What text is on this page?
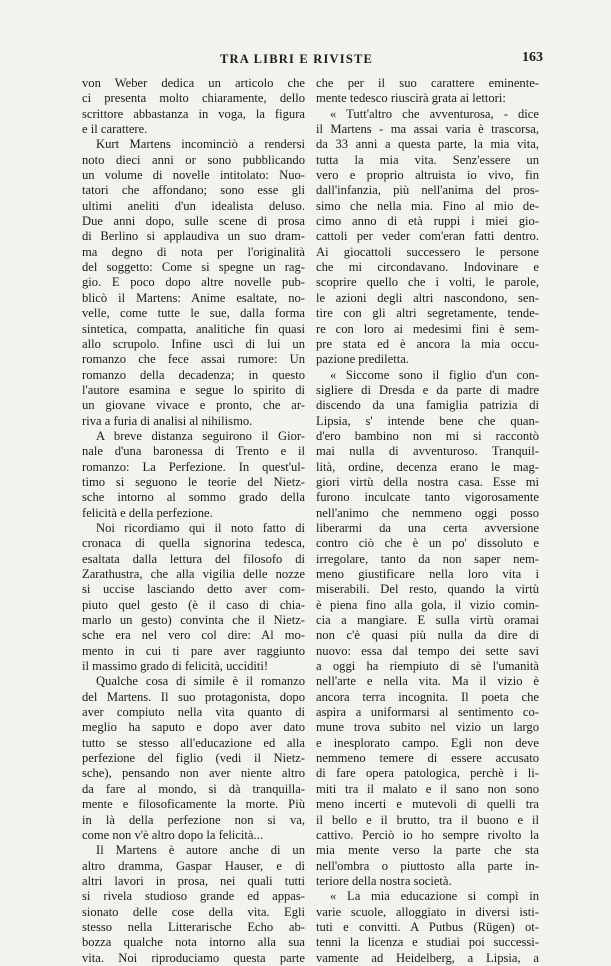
TRA LIBRI E RIVISTE	163
von Weber dedica un articolo che
ci presenta molto chiaramente, dello
scrittore abbastanza in voga, la figura
e il carattere.
Kurt Martens incominciò a rendersi
noto dieci anni or sono pubblicando
un volume di novelle intitolato: Nuo-
tatori che affondano; sono esse gli
ultimi aneliti d'un idealista deluso.
Due anni dopo, sulle scene di prosa
di Berlino si applaudiva un suo dram-
ma degno di nota per l'originalità
del soggetto: Come si spegne un rag-
gio. E poco dopo altre novelle pub-
blicò il Martens: Anime esaltate, no-
velle, come tutte le sue, dalla forma
sintetica, compatta, analitiche fin quasi
allo scrupolo. Infine uscì di lui un
romanzo che fece assai rumore: Un
romanzo della decadenza; in questo
l'autore esamina e segue lo spirito di
un giovane vivace e pronto, che ar-
riva a furia di analisi al nihilismo.
A breve distanza seguirono il Gior-
nale d'una baronessa di Trento e il
romanzo: La Perfezione. In quest'ul-
timo si seguono le teorie del Nietz-
sche intorno al sommo grado della
felicità e della perfezione.
Noi ricordiamo qui il noto fatto di
cronaca di quella signorina tedesca,
esaltata dalla lettura del filosofo di
Zarathustra, che alla vigilia delle nozze
si uccise lasciando detto aver com-
piuto quel gesto (è il caso di chia-
marlo un gesto) convinta che il Nietz-
sche era nel vero col dire: Al mo-
mento in cui ti pare aver raggiunto
il massimo grado di felicità, ucciditi!
Qualche cosa di simile è il romanzo
del Martens. Il suo protagonista, dopo
aver compiuto nella vita quanto di
meglio ha saputo e dopo aver dato
tutto se stesso all'educazione ed alla
perfezione del figlio (vedi il Nietz-
sche), pensando non aver niente altro
da fare al mondo, si dà tranquilla-
mente e filosoficamente la morte. Più
in là della perfezione non si va,
come non v'è altro dopo la felicità...
Il Martens è autore anche di un
altro dramma, Gaspar Hauser, e di
altri lavori in prosa, nei quali tutti
si rivela studioso grande ed appas-
sionato delle cose della vita. Egli
stesso nella Litterarische Echo ab-
bozza qualche nota intorno alla sua
vita. Noi riproduciamo questa parte
che per il suo carattere eminente-
mente tedesco riuscirà grata ai lettori:
« Tutt'altro che avventurosa, - dice
il Martens - ma assai varia è trascorsa,
da 33 anni a questa parte, la mia vita,
tutta la mia vita. Senz'essere un
vero e proprio altruista io vivo, fin
dall'infanzia, più nell'anima del pros-
simo che nella mia. Fino al mio de-
cimo anno di età ruppi i miei gio-
cattoli per veder com'eran fatti dentro.
Ai giocattoli successero le persone
che mi circondavano. Indovinare e
scoprire quello che i volti, le parole,
le azioni degli altri nascondono, sen-
tire con gli altri segretamente, tende-
re con loro ai medesimi fini è sem-
pre stata ed è ancora la mia occu-
pazione prediletta.
« Siccome sono il figlio d'un con-
sigliere di Dresda e da parte di madre
discendo da una famiglia patrizia di
Lipsia, s' intende bene che quan-
d'ero bambino non mi si raccontò
mai nulla di avventuroso. Tranquil-
lità, ordine, decenza erano le mag-
giori virtù della nostra casa. Esse mi
furono inculcate tanto vigorosamente
nell'animo che nemmeno oggi posso
liberarmi da una certa avversione
contro ciò che è un po' dissoluto e
irregolare, tanto da non saper nem-
meno giustificare nella loro vita i
miserabili. Del resto, quando la virtù
è piena fino alla gola, il vizio comin-
cia a mangiare. E sulla virtù oramai
non c'è quasi più nulla da dire di
nuovo: essa dal tempo dei sette savi
a oggi ha riempiuto di sè l'umanità
nell'arte e nella vita. Ma il vizio è
ancora terra incognita. Il poeta che
aspira a uniformarsi al sentimento co-
mune trova subito nel vizio un largo
e inesplorato campo. Egli non deve
nemmeno temere di essere accusato
di fare opera patologica, perchè i li-
miti tra il malato e il sano non sono
meno incerti e mutevoli di quelli tra
il bello e il brutto, tra il buono e il
cattivo. Perciò io ho sempre rivolto la
mia mente verso la parte che sta
nell'ombra o piuttosto alla parte in-
teriore della nostra società.
« La mia educazione si compì in
varie scuole, alloggiato in diversi isti-
tuti e convitti. A Putbus (Rügen) ot-
tenni la licenza e studiai poi successi-
vamente ad Heidelberg, a Lipsia, a
